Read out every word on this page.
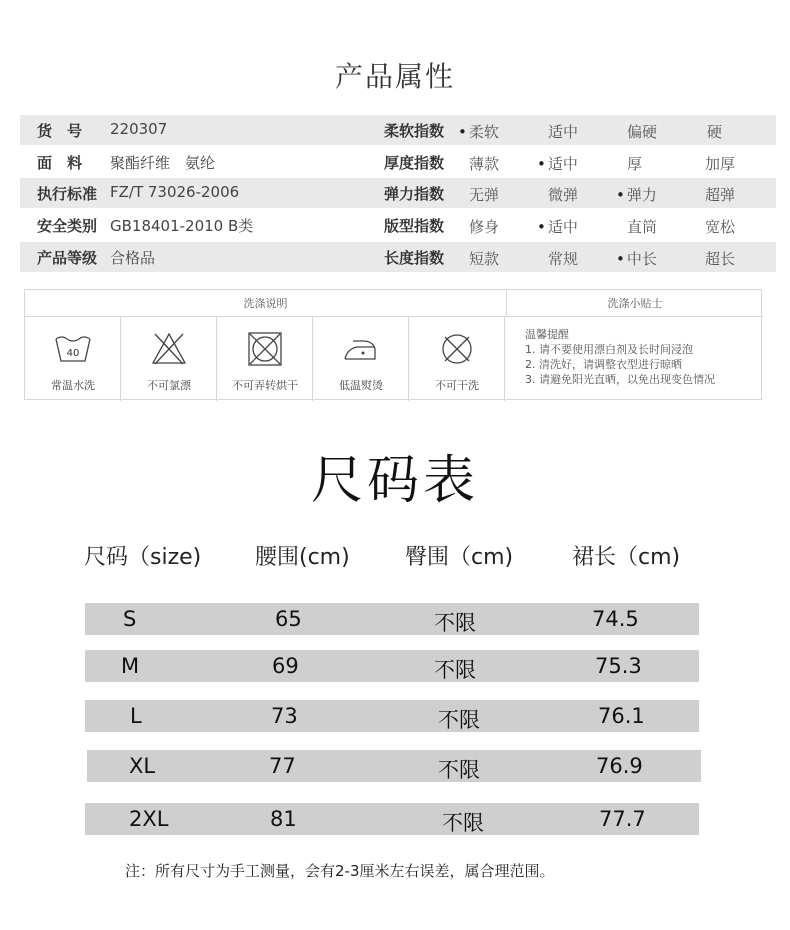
产品属性
货　号 220307	柔软指数	• 柔软	适中	偏硬	硬
面　料 聚酯纤维　氨纶	厚度指数 薄款	• 适中	厚	加厚
执行标准 FZ/T 73026-2006	弹力指数 无弹	微弹	• 弹力	超弹
安全类别 GB18401-2010 B类	版型指数 修身	• 适中	直筒	宽松
产品等级 合格品	长度指数 短款	常规	• 中长	超长
洗涤说明	洗涤小贴士
40
常温水洗	不可氯漂	不可弄转烘干	低温熨烫	不可干洗
温馨提醒
1. 请不要使用漂白剂及长时间浸泡
2. 清洗好，请调整衣型进行晾晒
3. 请避免阳光直晒，以免出现变色情况
尺码表
尺码（size) 腰围(cm)	臀围（cm)	裙长（cm)
S	65	不限	74.5
M	69	不限	75.3
L	73	不限	76.1
XL	77	不限	76.9
2XL	81	不限	77.7
注：所有尺寸为手工测量，会有2-3厘米左右误差，属合理范围。
